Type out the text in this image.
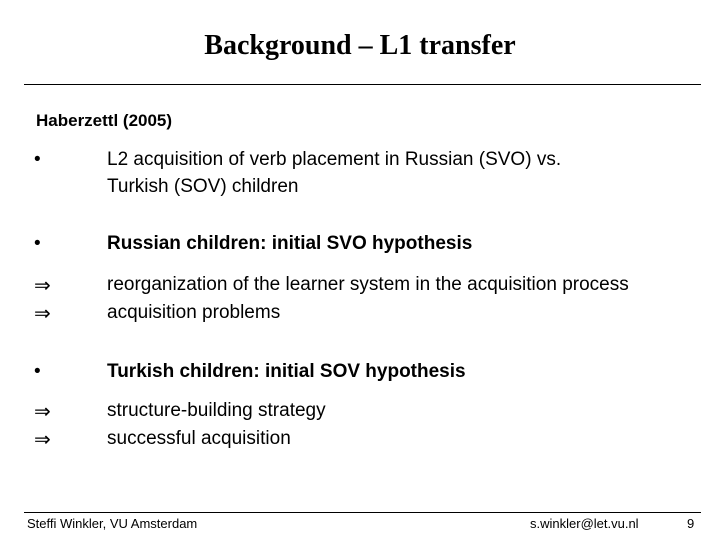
Background – L1 transfer
Haberzettl (2005)
•	L2 acquisition of verb placement in Russian (SVO) vs.
Turkish (SOV) children
•	Russian children: initial SVO hypothesis
⇒	reorganization of the learner system in the acquisition process
⇒	acquisition problems
•	Turkish children: initial SOV hypothesis
⇒	structure-building strategy
⇒	successful acquisition
Steffi Winkler, VU Amsterdam	s.winkler@let.vu.nl	9
